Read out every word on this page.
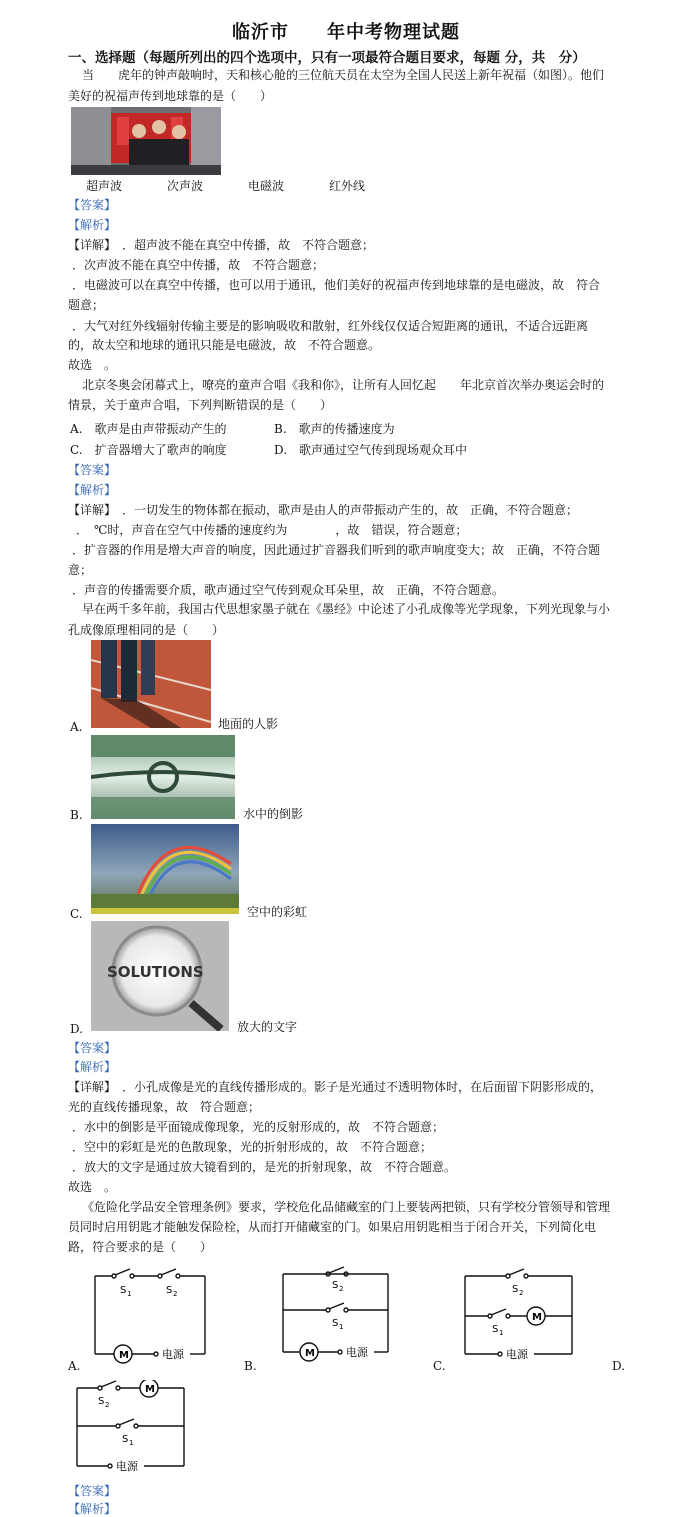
临沂市　　年中考物理试题
一、选择题（每题所列出的四个选项中，只有一项最符合题目要求，每题 分，共　分）
当　　虎年的钟声敲响时，天和核心舱的三位航天员在太空为全国人民送上新年祝福（如图）。他们
美好的祝福声传到地球靠的是（　　）
超声波	次声波	电磁波	红外线
【答案】
【解析】
【详解】　．超声波不能在真空中传播，故　不符合题意；
．次声波不能在真空中传播，故　不符合题意；
．电磁波可以在真空中传播，也可以用于通讯，他们美好的祝福声传到地球靠的是电磁波，故　符合
题意；
．大气对红外线辐射传输主要是的影响吸收和散射，红外线仅仅适合短距离的通讯，不适合远距离
的，故太空和地球的通讯只能是电磁波，故　不符合题意。
故选　。
北京冬奥会闭幕式上，嘹亮的童声合唱《我和你》，让所有人回忆起　　年北京首次举办奥运会时的
情景，关于童声合唱，下列判断错误的是（　　）
A.　歌声是由声带振动产生的	B.　歌声的传播速度为
C.　扩音器增大了歌声的响度	D.　歌声通过空气传到现场观众耳中
【答案】
【解析】
【详解】　．一切发生的物体都在振动，歌声是由人的声带振动产生的，故　正确，不符合题意；
．　℃时，声音在空气中传播的速度约为　　　　，故　错误，符合题意；
．扩音器的作用是增大声音的响度，因此通过扩音器我们听到的歌声响度变大；故　正确，不符合题
意；
．声音的传播需要介质，歌声通过空气传到观众耳朵里，故　正确，不符合题意。
早在两千多年前，我国古代思想家墨子就在《墨经》中论述了小孔成像等光学现象，下列光现象与小
孔成像原理相同的是（　　）
A.	地面的人影
B.	水中的倒影
C.	空中的彩虹
SOLUTIONS
D.	放大的文字
【答案】
【解析】
【详解】　．小孔成像是光的直线传播形成的。影子是光通过不透明物体时，在后面留下阴影形成的，
光的直线传播现象，故　符合题意；
．水中的倒影是平面镜成像现象，光的反射形成的，故　不符合题意；
．空中的彩虹是光的色散现象，光的折射形成的，故　不符合题意；
．放大的文字是通过放大镜看到的，是光的折射现象，故　不符合题意。
故选　。
《危险化学品安全管理条例》要求，学校危化品储藏室的门上要装两把锁，只有学校分管领导和管理
员同时启用钥匙才能触发保险栓，从而打开储藏室的门。如果启用钥匙相当于闭合开关，下列简化电
路，符合要求的是（　　）
M	电源
S 1	S 2
A.
M	电源
S 2
S 1
B.
M
电源
S 2
S 1
C.	D.
M
电源
S 2
S 1
【答案】
【解析】
